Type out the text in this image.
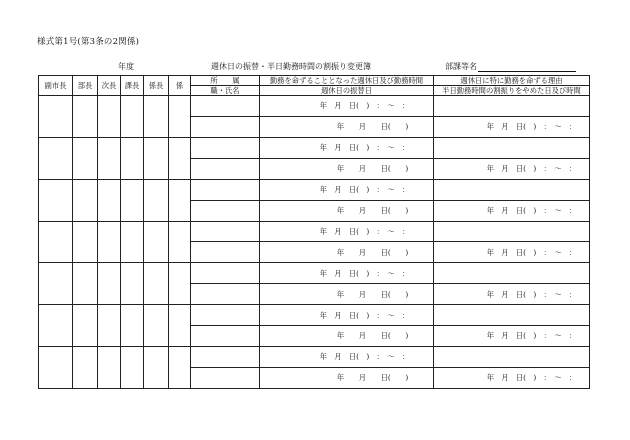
様式第1号(第3条の2関係)
年度	週休日の振替・半日勤務時間の割振り変更簿	部課等名
副市長	部長	次長	課長	係長	係	所　　属	勤務を命ずることとなった週休日及び勤務時間	週休日に特に勤務を命ずる理由
						職・氏名	週休日の振替日	半日勤務時間の割振りをやめた日及び時間
							年　月　日(　)　：　～　：	
							年　　月　　日(　　)	年　月　日(　)　：　～　：
							年　月　日(　)　：　～　：	
							年　　月　　日(　　)	年　月　日(　)　：　～　：
							年　月　日(　)　：　～　：	
							年　　月　　日(　　)	年　月　日(　)　：　～　：
							年　月　日(　)　：　～　：	
							年　　月　　日(　　)	年　月　日(　)　：　～　：
							年　月　日(　)　：　～　：	
							年　　月　　日(　　)	年　月　日(　)　：　～　：
							年　月　日(　)　：　～　：	
							年　　月　　日(　　)	年　月　日(　)　：　～　：
							年　月　日(　)　：　～　：	
							年　　月　　日(　　)	年　月　日(　)　：　～　：
